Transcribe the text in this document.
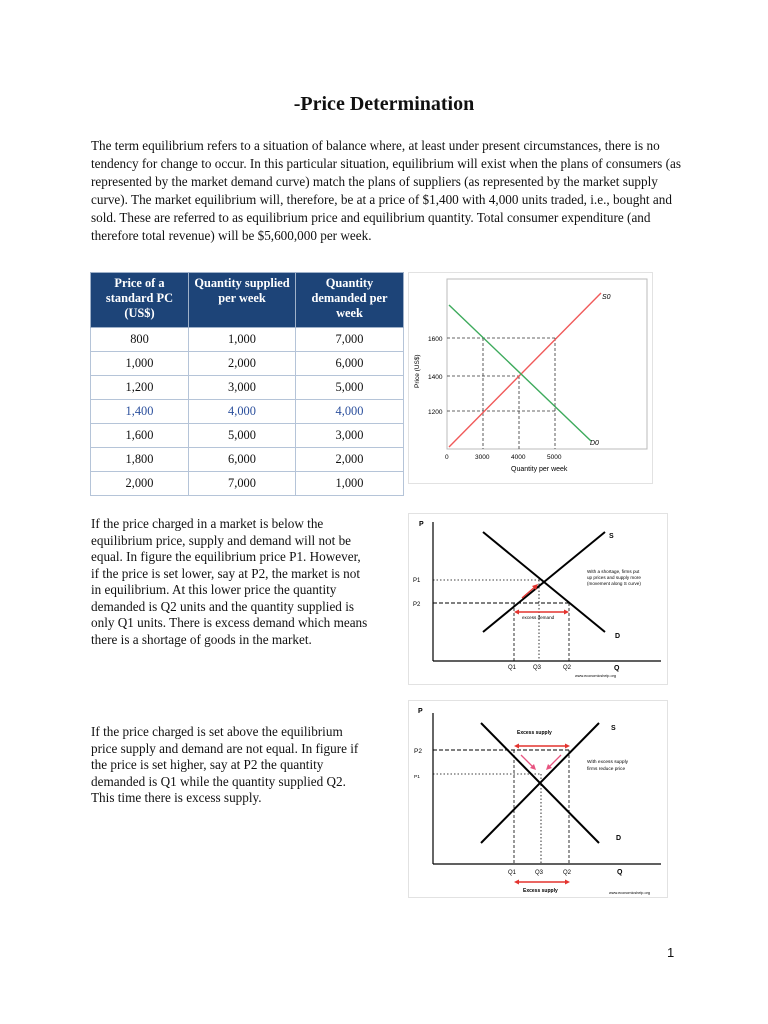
-Price Determination
The term equilibrium refers to a situation of balance where, at least under present circumstances, there is no tendency for change to occur. In this particular situation, equilibrium will exist when the plans of consumers (as represented by the market demand curve) match the plans of suppliers (as represented by the market supply curve). The market equilibrium will, therefore, be at a price of $1,400 with 4,000 units traded, i.e., bought and sold. These are referred to as equilibrium price and equilibrium quantity. Total consumer expenditure (and therefore total revenue) will be $5,600,000 per week.
Price of a standard PC (US$)	Quantity supplied per week	Quantity demanded per week
800	1,000	7,000
1,000	2,000	6,000
1,200	3,000	5,000
1,400	4,000	4,000
1,600	5,000	3,000
1,800	6,000	2,000
2,000	7,000	1,000
S0
D0
1600
1400
1200
0	3000	4000	5000
Quantity per week
Price (US$)
P
Q
S
D
P1
P2
Q1	Q3	Q2
excess demand
With a shortage, firms put
up prices and supply more
(movement along S curve)
www.economicshelp.org
P
Q
S
D
P2
P1
Q1	Q3	Q2
Excess supply
With excess supply
firms reduce price
Excess supply	www.economicshelp.org
If the price charged in a market is below the equilibrium price, supply and demand will not be equal. In figure the equilibrium price P1. However, if the price is set lower, say at P2, the market is not in equilibrium. At this lower price the quantity demanded is Q2 units and the quantity supplied is only Q1 units. There is excess demand which means there is a shortage of goods in the market.
If the price charged is set above the equilibrium price supply and demand are not equal. In figure if the price is set higher, say at P2 the quantity demanded is Q1 while the quantity supplied Q2. This time there is excess supply.
1
